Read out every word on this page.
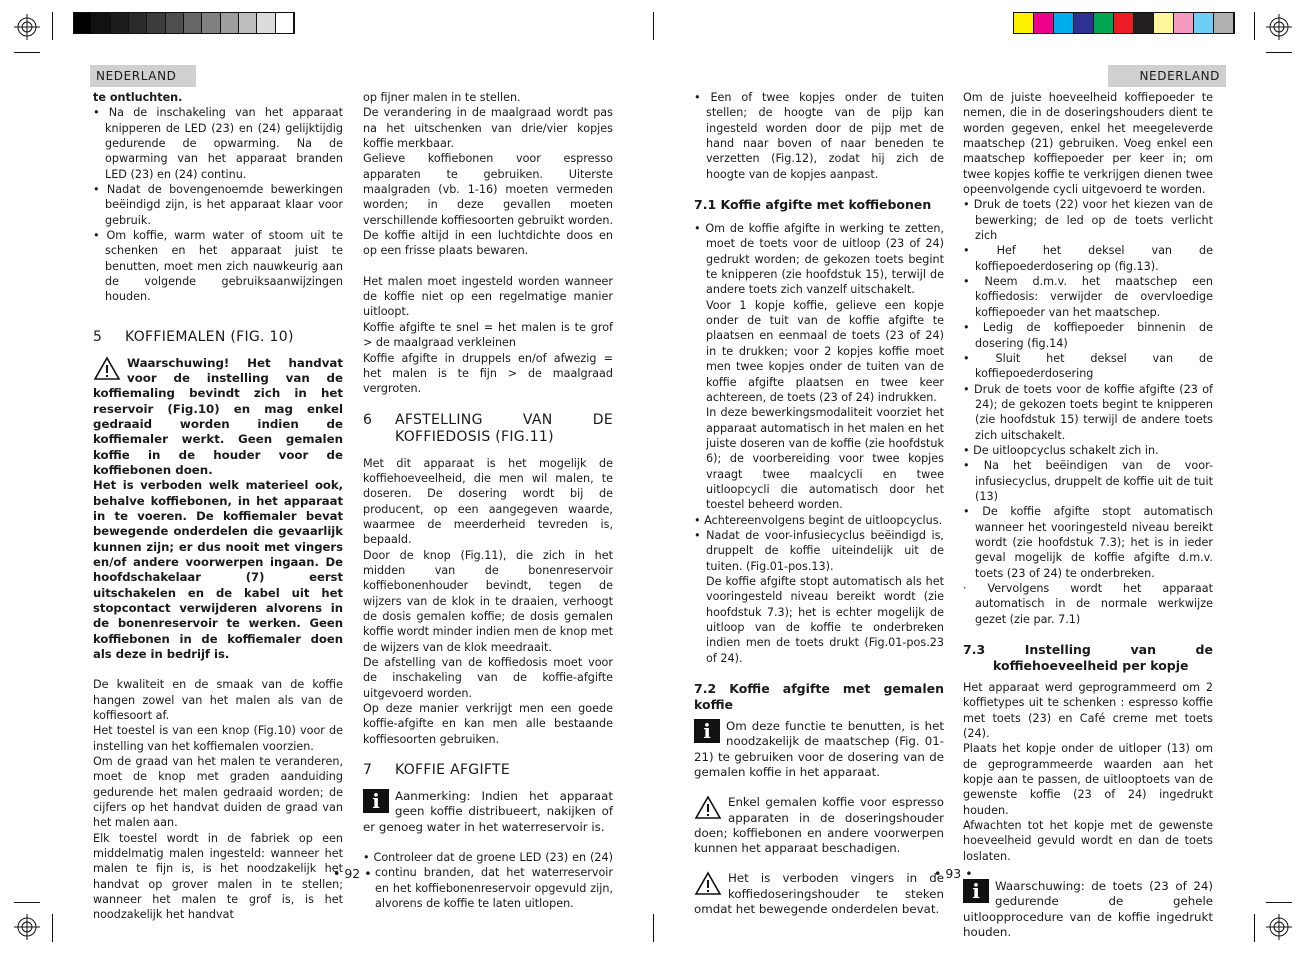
NEDERLAND	NEDERLAND

te ontluchten.

• Na de inschakeling van het apparaat knipperen de LED (23) en (24) gelijktijdig gedurende de opwarming. Na de opwarming van het apparaat branden LED (23) en (24) continu.

• Nadat de bovengenoemde bewerkingen beëindigd zijn, is het apparaat klaar voor gebruik.

• Om koffie, warm water of stoom uit te schenken en het apparaat juist te benutten, moet men zich nauwkeurig aan de volgende gebruiksaanwijzingen houden.

5 KOFFIEMALEN (FIG. 10)
Waarschuwing! Het handvat voor de instelling van de koffiemaling bevindt zich in het reservoir (Fig.10) en mag enkel gedraaid worden indien de koffiemaler werkt. Geen gemalen koffie in de houder voor de koffiebonen doen.

Het is verboden welk materieel ook, behalve koffiebonen, in het apparaat in te voeren. De koffiemaler bevat bewegende onderdelen die gevaarlijk kunnen zijn; er dus nooit met vingers en/of andere voorwerpen ingaan. De hoofdschakelaar (7) eerst uitschakelen en de kabel uit het stopcontact verwijderen alvorens in de bonenreservoir te werken. Geen koffiebonen in de koffiemaler doen als deze in bedrijf is.

De kwaliteit en de smaak van de koffie hangen zowel van het malen als van de koffiesoort af.

Het toestel is van een knop (Fig.10) voor de instelling van het koffiemalen voorzien.

Om de graad van het malen te veranderen, moet de knop met graden aanduiding gedurende het malen gedraaid worden; de cijfers op het handvat duiden de graad van het malen aan.

Elk toestel wordt in de fabriek op een middelmatig malen ingesteld: wanneer het malen te fijn is, is het noodzakelijk het handvat op grover malen in te stellen; wanneer het malen te grof is, is het noodzakelijk het handvat

op fijner malen in te stellen.

De verandering in de maalgraad wordt pas na het uitschenken van drie/vier kopjes koffie merkbaar.

Gelieve koffiebonen voor espresso apparaten te gebruiken. Uiterste maalgraden (vb. 1-16) moeten vermeden worden; in deze gevallen moeten verschillende koffiesoorten gebruikt worden. De koffie altijd in een luchtdichte doos en op een frisse plaats bewaren.

Het malen moet ingesteld worden wanneer de koffie niet op een regelmatige manier uitloopt.

Koffie afgifte te snel = het malen is te grof > de maalgraad verkleinen

Koffie afgifte in druppels en/of afwezig = het malen is te fijn > de maalgraad vergroten.

6	AFSTELLING VAN DE KOFFIEDOSIS (FIG.11)

Met dit apparaat is het mogelijk de koffiehoeveelheid, die men wil malen, te doseren. De dosering wordt bij de producent, op een aangegeven waarde, waarmee de meerderheid tevreden is, bepaald.

Door de knop (Fig.11), die zich in het midden van de bonenreservoir koffiebonenhouder bevindt, tegen de wijzers van de klok in te draaien, verhoogt de dosis gemalen koffie; de dosis gemalen koffie wordt minder indien men de knop met de wijzers van de klok meedraait.

De afstelling van de koffiedosis moet voor de inschakeling van de koffie-afgifte uitgevoerd worden.

Op deze manier verkrijgt men een goede koffie-afgifte en kan men alle bestaande koffiesoorten gebruiken.

7 KOFFIE AFGIFTE
i	Aanmerking: Indien het apparaat geen koffie distribueert, nakijken of er genoeg water in het waterreservoir is.

• Controleer dat de groene LED (23) en (24) continu branden, dat het waterreservoir en het koffiebonenreservoir opgevuld zijn, alvorens de koffie te laten uitlopen.

• 92 •

• Een of twee kopjes onder de tuiten stellen; de hoogte van de pijp kan ingesteld worden door de pijp met de hand naar boven of naar beneden te verzetten (Fig.12), zodat hij zich de hoogte van de kopjes aanpast.

7.1 Koffie afgifte met koffiebonen

• Om de koffie afgifte in werking te zetten, moet de toets voor de uitloop (23 of 24) gedrukt worden; de gekozen toets begint te knipperen (zie hoofdstuk 15), terwijl de andere toets zich vanzelf uitschakelt.

Voor 1 kopje koffie, gelieve een kopje onder de tuit van de koffie afgifte te plaatsen en eenmaal de toets (23 of 24) in te drukken; voor 2 kopjes koffie moet men twee kopjes onder de tuiten van de koffie afgifte plaatsen en twee keer achtereen, de toets (23 of 24) indrukken.

In deze bewerkingsmodaliteit voorziet het apparaat automatisch in het malen en het juiste doseren van de koffie (zie hoofdstuk 6); de voorbereiding voor twee kopjes vraagt twee maalcycli en twee uitloopcycli die automatisch door het toestel beheerd worden.

• Achtereenvolgens begint de uitloopcyclus.

• Nadat de voor-infusiecyclus beëindigd is, druppelt de koffie uiteindelijk uit de tuiten. (Fig.01-pos.13).

De koffie afgifte stopt automatisch als het vooringesteld niveau bereikt wordt (zie hoofdstuk 7.3); het is echter mogelijk de uitloop van de koffie te onderbreken indien men de toets drukt (Fig.01-pos.23 of 24).

7.2 Koffie afgifte met gemalen koffie
i	Om deze functie te benutten, is het noodzakelijk de maatschep (Fig. 01-21) te gebruiken voor de dosering van de gemalen koffie in het apparaat.
Enkel gemalen koffie voor espresso apparaten in de doseringshouder doen; koffiebonen en andere voorwerpen kunnen het apparaat beschadigen.
Het is verboden vingers in de koffiedoseringshouder te steken omdat het bewegende onderdelen bevat.

Om de juiste hoeveelheid koffiepoeder te nemen, die in de doseringshouders dient te worden gegeven, enkel het meegeleverde maatschep (21) gebruiken. Voeg enkel een maatschep koffiepoeder per keer in; om twee kopjes koffie te verkrijgen dienen twee opeenvolgende cycli uitgevoerd te worden.

• Druk de toets (22) voor het kiezen van de bewerking; de led op de toets verlicht zich

• Hef het deksel van de koffiepoederdosering op (fig.13).

• Neem d.m.v. het maatschep een koffiedosis: verwijder de overvloedige koffiepoeder van het maatschep.

• Ledig de koffiepoeder binnenin de dosering (fig.14)

• Sluit het deksel van de koffiepoederdosering

• Druk de toets voor de koffie afgifte (23 of 24); de gekozen toets begint te knipperen (zie hoofdstuk 15) terwijl de andere toets zich uitschakelt.

• De uitloopcyclus schakelt zich in.

• Na het beëindigen van de voor-infusiecyclus, druppelt de koffie uit de tuit (13)

• De koffie afgifte stopt automatisch wanneer het vooringesteld niveau bereikt wordt (zie hoofdstuk 7.3); het is in ieder geval mogelijk de koffie afgifte d.m.v. toets (23 of 24) te onderbreken.

· Vervolgens wordt het apparaat automatisch in de normale werkwijze gezet (zie par. 7.1)

7.3 Instelling van de koffiehoeveelheid per kopje

Het apparaat werd geprogrammeerd om 2 koffietypes uit te schenken : espresso koffie met toets (23) en Café creme met toets (24).

Plaats het kopje onder de uitloper (13) om de geprogrammeerde waarden aan het kopje aan te passen, de uitlooptoets van de gewenste koffie (23 of 24) ingedrukt houden.

Afwachten tot het kopje met de gewenste hoeveelheid gevuld wordt en dan de toets loslaten.

i	Waarschuwing: de toets (23 of 24) gedurende de gehele uitloopprocedure van de koffie ingedrukt houden.
• 93 •
